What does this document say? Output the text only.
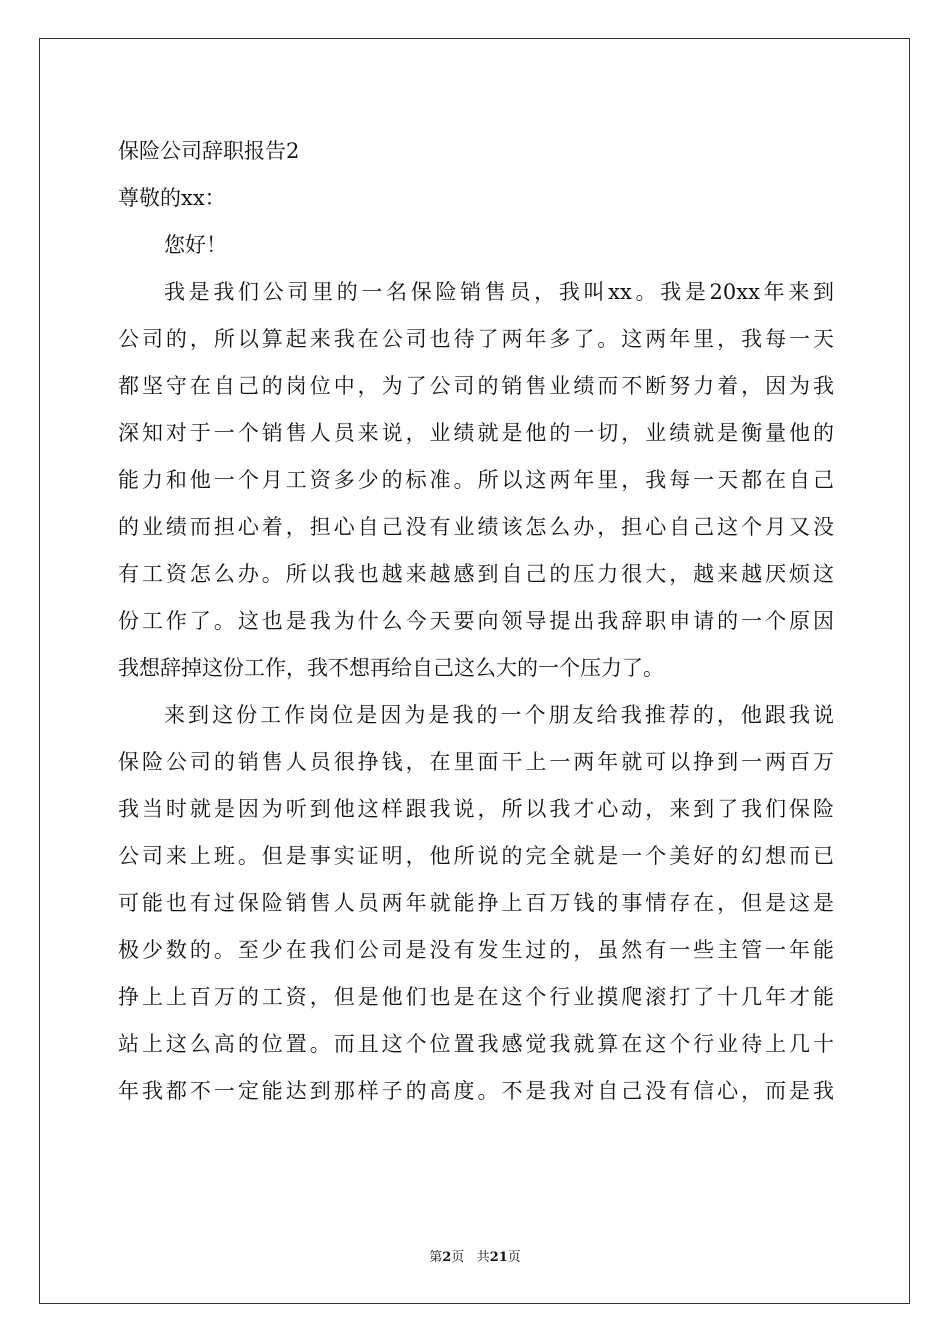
保险公司辞职报告2
尊敬的xx：
您好！
我是我们公司里的一名保险销售员，我叫xx。我是20xx年来到
公司的，所以算起来我在公司也待了两年多了。这两年里，我每一天
都坚守在自己的岗位中，为了公司的销售业绩而不断努力着，因为我
深知对于一个销售人员来说，业绩就是他的一切，业绩就是衡量他的
能力和他一个月工资多少的标准。所以这两年里，我每一天都在自己
的业绩而担心着，担心自己没有业绩该怎么办，担心自己这个月又没
有工资怎么办。所以我也越来越感到自己的压力很大，越来越厌烦这
份工作了。这也是我为什么今天要向领导提出我辞职申请的一个原因
我想辞掉这份工作，我不想再给自己这么大的一个压力了。
来到这份工作岗位是因为是我的一个朋友给我推荐的，他跟我说
保险公司的销售人员很挣钱，在里面干上一两年就可以挣到一两百万
我当时就是因为听到他这样跟我说，所以我才心动，来到了我们保险
公司来上班。但是事实证明，他所说的完全就是一个美好的幻想而已
可能也有过保险销售人员两年就能挣上百万钱的事情存在，但是这是
极少数的。至少在我们公司是没有发生过的，虽然有一些主管一年能
挣上上百万的工资，但是他们也是在这个行业摸爬滚打了十几年才能
站上这么高的位置。而且这个位置我感觉我就算在这个行业待上几十
年我都不一定能达到那样子的高度。不是我对自己没有信心，而是我
第2页 共21页
